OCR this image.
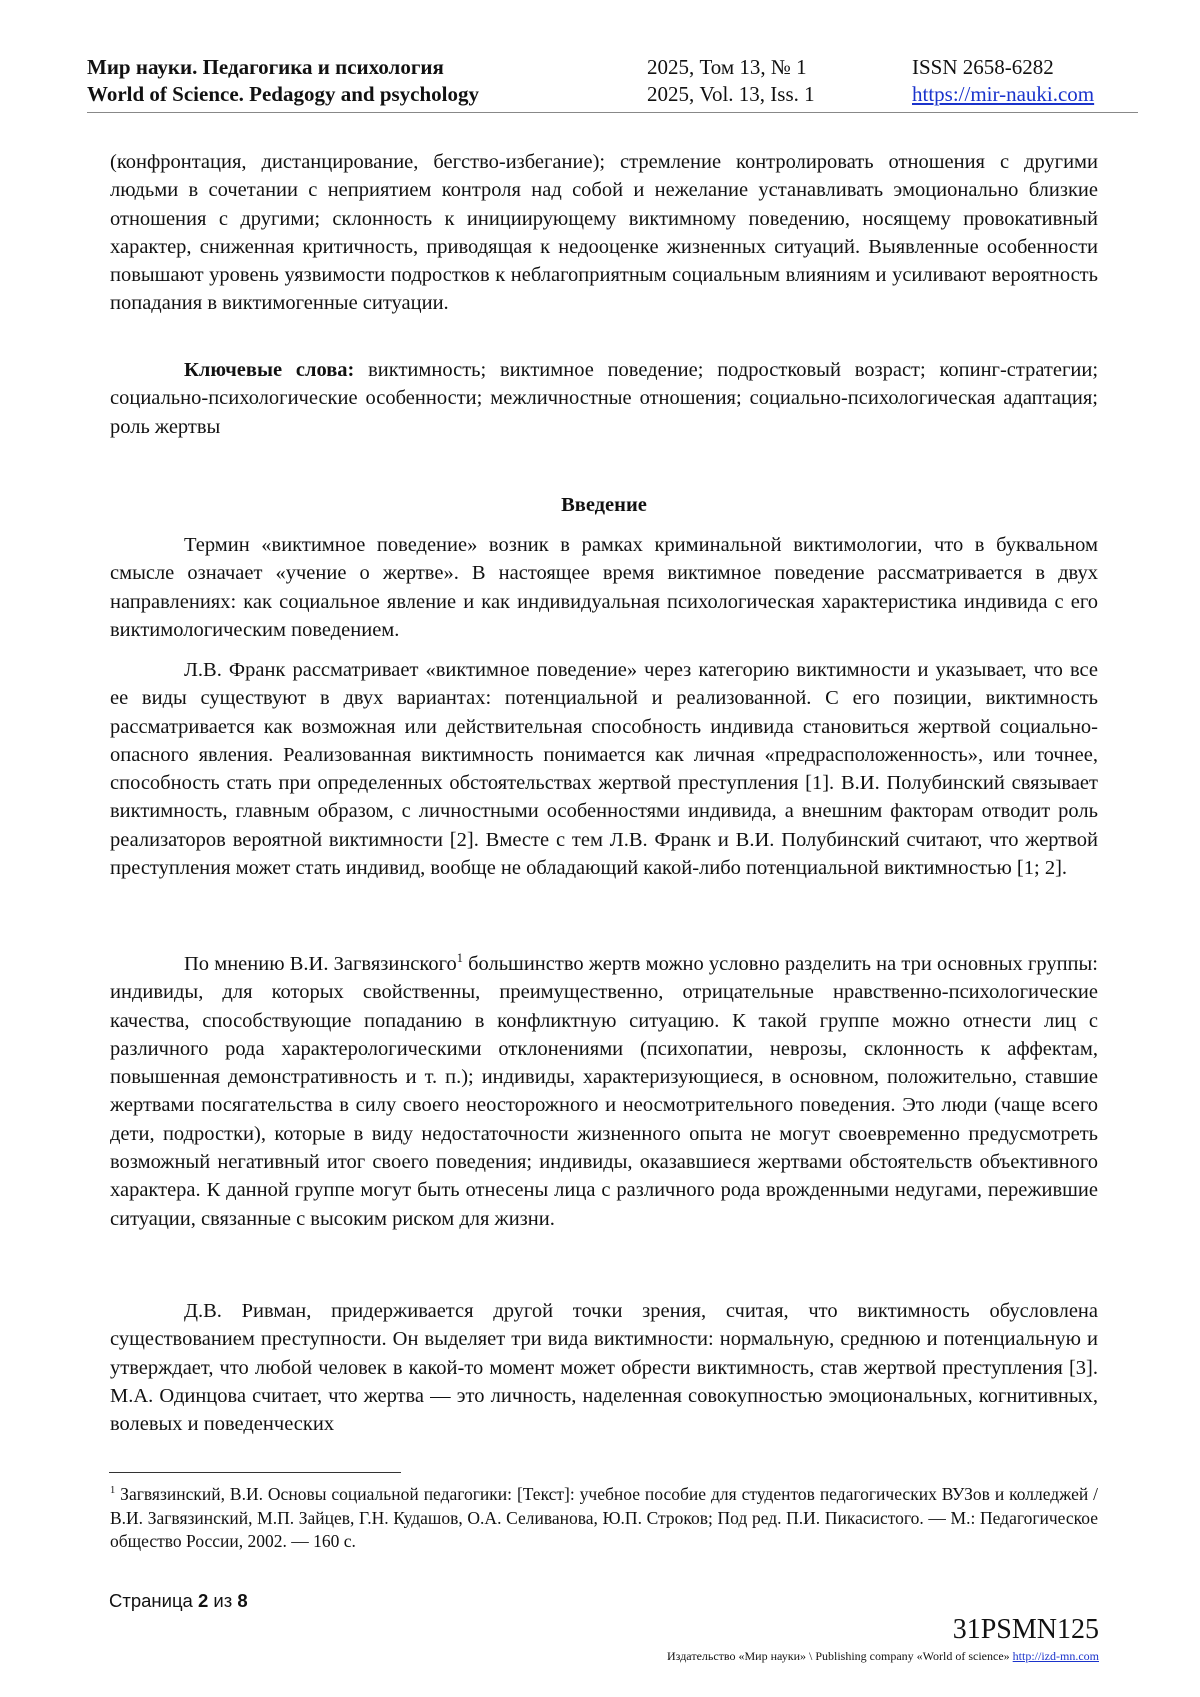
Мир науки. Педагогика и психология
World of Science. Pedagogy and psychology
2025, Том 13, № 1
2025, Vol. 13, Iss. 1
ISSN 2658-6282
https://mir-nauki.com

(конфронтация, дистанцирование, бегство-избегание); стремление контролировать отношения с другими людьми в сочетании с неприятием контроля над собой и нежелание устанавливать эмоционально близкие отношения с другими; склонность к инициирующему виктимному поведению, носящему провокативный характер, сниженная критичность, приводящая к недооценке жизненных ситуаций. Выявленные особенности повышают уровень уязвимости подростков к неблагоприятным социальным влияниям и усиливают вероятность попадания в виктимогенные ситуации.

Ключевые слова: виктимность; виктимное поведение; подростковый возраст; копинг-стратегии; социально-психологические особенности; межличностные отношения; социально-психологическая адаптация; роль жертвы

Введение

Термин «виктимное поведение» возник в рамках криминальной виктимологии, что в буквальном смысле означает «учение о жертве». В настоящее время виктимное поведение рассматривается в двух направлениях: как социальное явление и как индивидуальная психологическая характеристика индивида с его виктимологическим поведением.

Л.В. Франк рассматривает «виктимное поведение» через категорию виктимности и указывает, что все ее виды существуют в двух вариантах: потенциальной и реализованной. С его позиции, виктимность рассматривается как возможная или действительная способность индивида становиться жертвой социально-опасного явления. Реализованная виктимность понимается как личная «предрасположенность», или точнее, способность стать при определенных обстоятельствах жертвой преступления [1]. В.И. Полубинский связывает виктимность, главным образом, с личностными особенностями индивида, а внешним факторам отводит роль реализаторов вероятной виктимности [2]. Вместе с тем Л.В. Франк и В.И. Полубинский считают, что жертвой преступления может стать индивид, вообще не обладающий какой-либо потенциальной виктимностью [1; 2].

По мнению В.И. Загвязинского$^1$ большинство жертв можно условно разделить на три основных группы: индивиды, для которых свойственны, преимущественно, отрицательные нравственно-психологические качества, способствующие попаданию в конфликтную ситуацию. К такой группе можно отнести лиц с различного рода характерологическими отклонениями (психопатии, неврозы, склонность к аффектам, повышенная демонстративность и т. п.); индивиды, характеризующиеся, в основном, положительно, ставшие жертвами посягательства в силу своего неосторожного и неосмотрительного поведения. Это люди (чаще всего дети, подростки), которые в виду недостаточности жизненного опыта не могут своевременно предусмотреть возможный негативный итог своего поведения; индивиды, оказавшиеся жертвами обстоятельств объективного характера. К данной группе могут быть отнесены лица с различного рода врожденными недугами, пережившие ситуации, связанные с высоким риском для жизни.

Д.В. Ривман, придерживается другой точки зрения, считая, что виктимность обусловлена существованием преступности. Он выделяет три вида виктимности: нормальную, среднюю и потенциальную и утверждает, что любой человек в какой-то момент может обрести виктимность, став жертвой преступления [3]. М.А. Одинцова считает, что жертва — это личность, наделенная совокупностью эмоциональных, когнитивных, волевых и поведенческих

$^1$ Загвязинский, В.И. Основы социальной педагогики: [Текст]: учебное пособие для студентов педагогических ВУЗов и колледжей / В.И. Загвязинский, М.П. Зайцев, Г.Н. Кудашов, О.А. Селиванова, Ю.П. Строков; Под ред. П.И. Пикасистого. — М.: Педагогическое общество России, 2002. — 160 с.
Страница 2 из 8
31PSMN125
Издательство «Мир науки» \ Publishing company «World of science» http://izd-mn.com
